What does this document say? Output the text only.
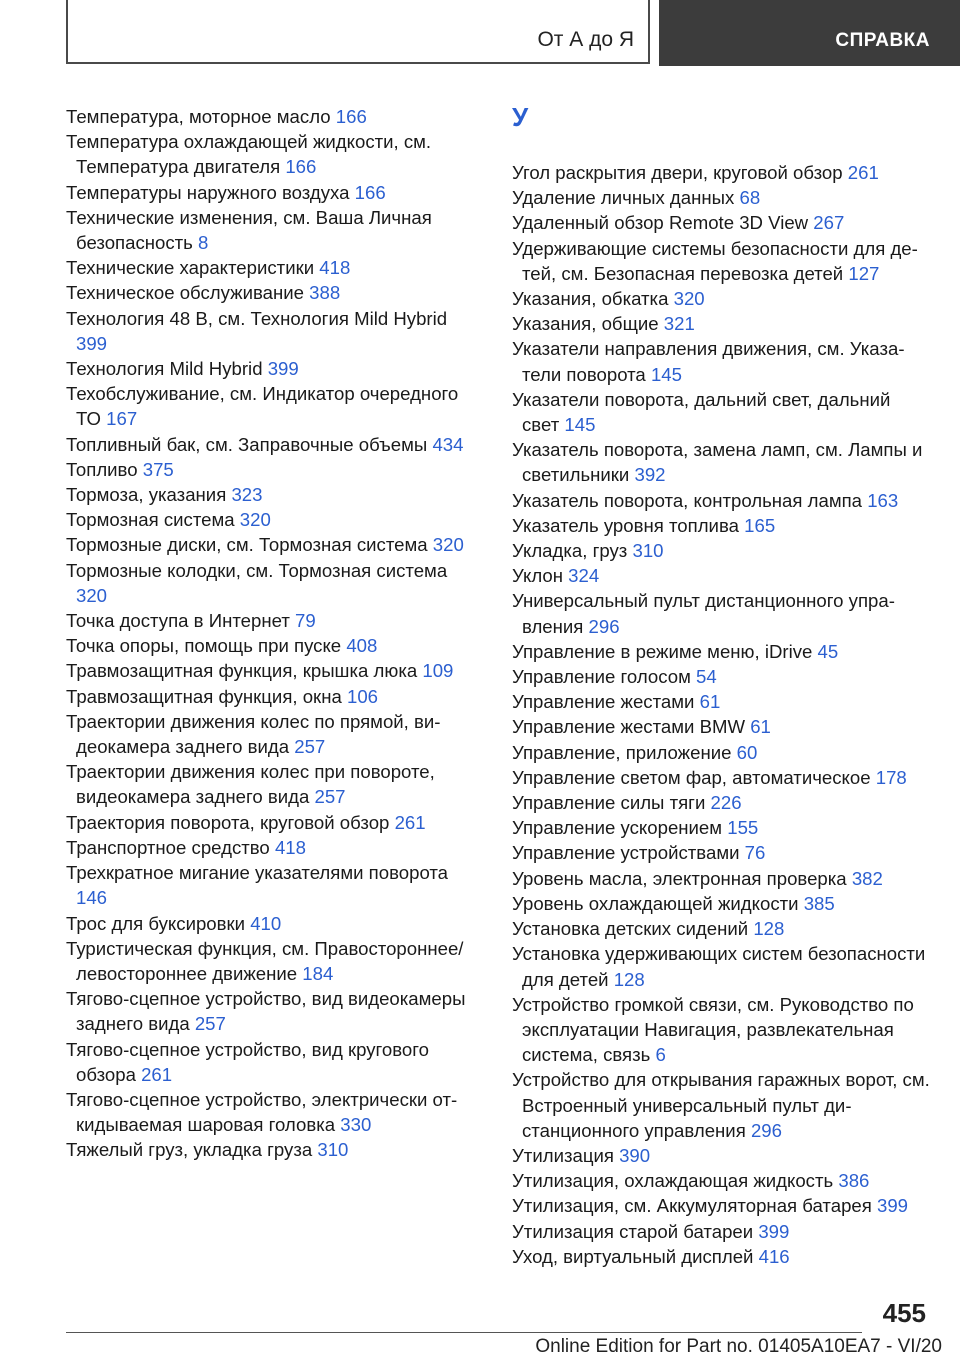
От А до Я	СПРАВКА

Температура, моторное масло 166

Температура охлаждающей жидкости, см. Температура двигателя 166

Температуры наружного воздуха 166

Технические изменения, см. Ваша Личная безопасность 8

Технические характеристики 418

Техническое обслуживание 388

Технология 48 В, см. Технология Mild Hybrid 399

Технология Mild Hybrid 399

Техобслуживание, см. Индикатор очередного ТО 167

Топливный бак, см. Заправочные объемы 434

Топливо 375

Тормоза, указания 323

Тормозная система 320

Тормозные диски, см. Тормозная система 320

Тормозные колодки, см. Тормозная система 320

Точка доступа в Интернет 79

Точка опоры, помощь при пуске 408

Травмозащитная функция, крышка люка 109

Травмозащитная функция, окна 106

Траектории движения колес по прямой, видеокамера заднего вида 257

Траектории движения колес при повороте, видеокамера заднего вида 257

Траектория поворота, круговой обзор 261

Транспортное средство 418

Трехкратное мигание указателями поворота 146

Трос для буксировки 410

Туристическая функция, см. Правостороннее/ левостороннее движение 184

Тягово-сцепное устройство, вид видеокамеры заднего вида 257

Тягово-сцепное устройство, вид кругового обзора 261

Тягово-сцепное устройство, электрически откидываемая шаровая головка 330

Тяжелый груз, укладка груза 310

У

Угол раскрытия двери, круговой обзор 261

Удаление личных данных 68

Удаленный обзор Remote 3D View 267

Удерживающие системы безопасности для детей, см. Безопасная перевозка детей 127

Указания, обкатка 320

Указания, общие 321

Указатели направления движения, см. Указатели поворота 145

Указатели поворота, дальний свет, дальний свет 145

Указатель поворота, замена ламп, см. Лампы и светильники 392

Указатель поворота, контрольная лампа 163

Указатель уровня топлива 165

Укладка, груз 310

Уклон 324

Универсальный пульт дистанционного управления 296

Управление в режиме меню, iDrive 45

Управление голосом 54

Управление жестами 61

Управление жестами BMW 61

Управление, приложение 60

Управление светом фар, автоматическое 178

Управление силы тяги 226

Управление ускорением 155

Управление устройствами 76

Уровень масла, электронная проверка 382

Уровень охлаждающей жидкости 385

Установка детских сидений 128

Установка удерживающих систем безопасности для детей 128

Устройство громкой связи, см. Руководство по эксплуатации Навигация, развлекательная система, связь 6

Устройство для открывания гаражных ворот, см. Встроенный универсальный пульт дистанционного управления 296

Утилизация 390

Утилизация, охлаждающая жидкость 386

Утилизация, см. Аккумуляторная батарея 399

Утилизация старой батареи 399

Уход, виртуальный дисплей 416

455
Online Edition for Part no. 01405A10EA7 - VI/20
